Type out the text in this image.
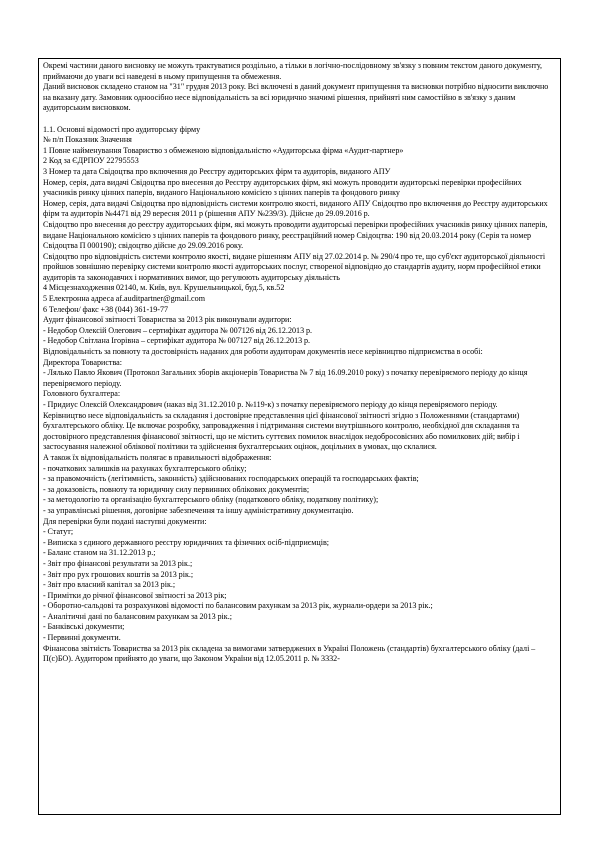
Окремі частини даного висновку не можуть трактуватися роздільно, а тільки в логічно-послідовному зв'язку з повним текстом даного документу, приймаючи до уваги всі наведені в ньому припущення та обмеження.

Даний висновок складено станом на "31" грудня 2013 року. Всі включені в даний документ припущення та висновки потрібно відносити виключно на вказану дату. Замовник одноосібно несе відповідальність за всі юридично значимі рішення, прийняті ним самостійно в зв'язку з даним аудиторським висновком.

1.1. Основні відомості про аудиторську фірму

№ п/п Показник Значення

1 Повне найменування Товариство з обмеженою відповідальністю «Аудиторська фірма «Аудит-партнер»

2 Код за ЄДРПОУ 22795553

3 Номер та дата Свідоцтва про включення до Реєстру аудиторських фірм та аудиторів, виданого АПУ

Номер, серія, дата видачі Свідоцтва про внесення до Реєстру аудиторських фірм, які можуть проводити аудиторські перевірки професійних учасників ринку цінних паперів, виданого Національною комісією з цінних паперів та фондового ринку

Номер, серія, дата видачі Свідоцтва про відповідність системи контролю якості, виданого АПУ Свідоцтво про включення до Реєстру аудиторських фірм та аудиторів №4471 від 29 вересня 2011 р (рішення АПУ №239/3). Дійсне до 29.09.2016 р.

Свідоцтво про внесення до реєстру аудиторських фірм, які можуть проводити аудиторські перевірки професійних учасників ринку цінних паперів, видане Національною комісією з цінних паперів та фондового ринку, реєстраційний номер Свідоцтва: 190 від 20.03.2014 року (Серія та номер Свідоцтва П 000190); свідоцтво дійсне до 29.09.2016 року.

Свідоцтво про відповідність системи контролю якості, видане рішенням АПУ від 27.02.2014 р. № 290/4 про те, що суб'єкт аудиторської діяльності пройшов зовнішню перевірку системи контролю якості аудиторських послуг, створеної відповідно до стандартів аудиту, норм професійної етики аудиторів та законодавчих і нормативних вимог, що регулюють аудиторську діяльність

4 Місцезнаходження 02140, м. Київ, вул. Крушельницької, буд.5, кв.52

5 Електронна адреса af.auditpartner@gmail.com

6 Телефон/ факс +38 (044) 361-19-77

Аудит фінансової звітності Товариства за 2013 рік виконували аудитори:

- Недобор Олексій Олегович – сертифікат аудитора № 007126 від 26.12.2013 р.

- Недобор Світлана Ігорівна – сертифікат аудитора № 007127 від 26.12.2013 р.

Відповідальність за повноту та достовірність наданих для роботи аудиторам документів несе керівництво підприємства в особі:

Директора Товариства:

- Лялько Павло Якович (Протокол Загальних зборів акціонерів Товариства № 7 від 16.09.2010 року) з початку перевіряємого періоду до кінця перевіряємого періоду.

Головного бухгалтера:

- Придиус Олексій Олександрович (наказ від 31.12.2010 р. №119-к) з початку перевіряємого періоду до кінця перевіряємого періоду.

Керівництво несе відповідальність за складання і достовірне представлення цієї фінансової звітності згідно з Положеннями (стандартами) бухгалтерського обліку. Це включає розробку, запровадження і підтримання системи внутрішнього контролю, необхідної для складання та достовірного представлення фінансової звітності, що не містить суттєвих помилок внаслідок недобросовісних або помилкових дій; вибір і застосування належної облікової політики та здійснення бухгалтерських оцінок, доцільних в умовах, що склалися.

А також їх відповідальність полягає в правильності відображення:

- початкових залишків на рахунках бухгалтерського обліку;

- за правомочність (легітимність, законність) здійснюваних господарських операцій та господарських фактів;

- за доказовість, повноту та юридичну силу первинних облікових документів;

- за методологію та організацію бухгалтерського обліку (податкового обліку, податкову політику);

- за управлінські рішення, договірне забезпечення та іншу адміністративну документацію.

Для перевірки були подані наступні документи:

- Статут;

- Виписка з єдиного державного реєстру юридичних та фізичних осіб-підприємців;

- Баланс станом на 31.12.2013 р.;

- Звіт про фінансові результати за 2013 рік.;

- Звіт про рух грошових коштів за 2013 рік.;

- Звіт про власний капітал за 2013 рік.;

- Примітки до річної фінансової звітності за 2013 рік;

- Оборотно-сальдові та розрахункові відомості по балансовим рахункам за 2013 рік, журнали-ордери за 2013 рік.;

- Аналітичні дані по балансовим рахункам за 2013 рік.;

- Банківські документи;

- Первинні документи.

Фінансова звітність Товариства за 2013 рік складена за вимогами затверджених в Україні Положень (стандартів) бухгалтерського обліку (далі – П(с)БО). Аудитором прийнято до уваги, що Законом України від 12.05.2011 р. № 3332-
